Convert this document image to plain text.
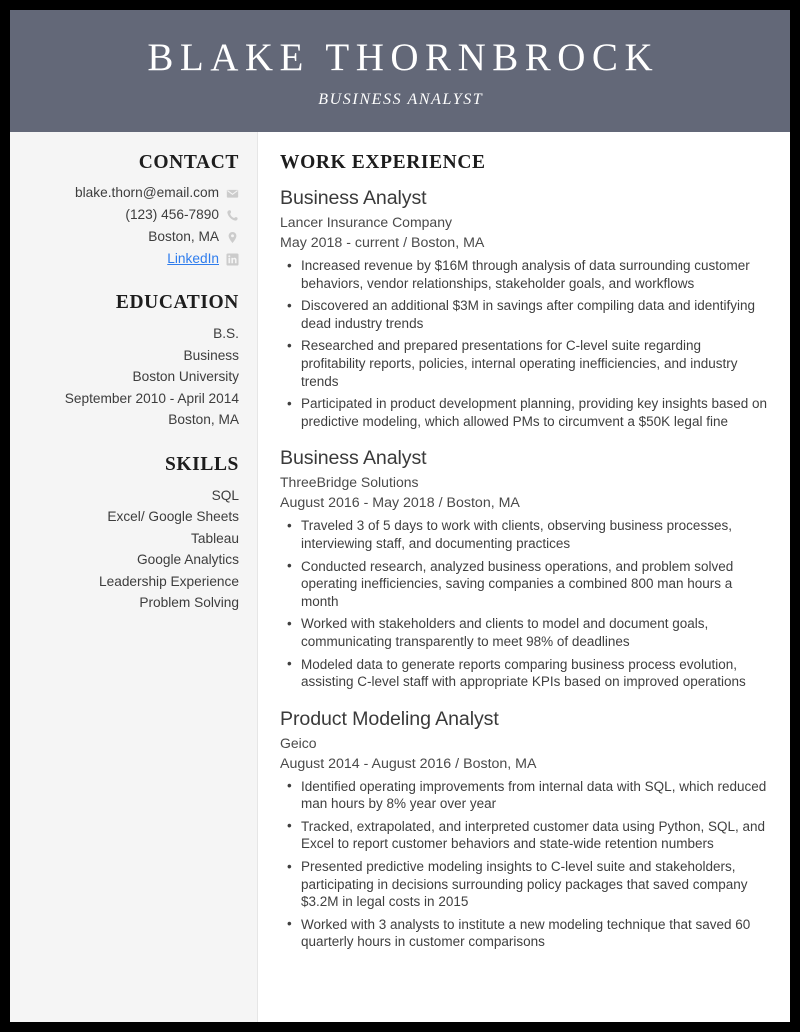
BLAKE THORNBROCK
BUSINESS ANALYST
CONTACT
blake.thorn@email.com
(123) 456-7890
Boston, MA
LinkedIn
EDUCATION
B.S.
Business
Boston University
September 2010 - April 2014
Boston, MA
SKILLS
SQL
Excel/ Google Sheets
Tableau
Google Analytics
Leadership Experience
Problem Solving
WORK EXPERIENCE
Business Analyst
Lancer Insurance Company
May 2018 - current / Boston, MA
• Increased revenue by $16M through analysis of data surrounding customer behaviors, vendor relationships, stakeholder goals, and workflows
• Discovered an additional $3M in savings after compiling data and identifying dead industry trends
• Researched and prepared presentations for C-level suite regarding profitability reports, policies, internal operating inefficiencies, and industry trends
• Participated in product development planning, providing key insights based on predictive modeling, which allowed PMs to circumvent a $50K legal fine
Business Analyst
ThreeBridge Solutions
August 2016 - May 2018 / Boston, MA
• Traveled 3 of 5 days to work with clients, observing business processes, interviewing staff, and documenting practices
• Conducted research, analyzed business operations, and problem solved operating inefficiencies, saving companies a combined 800 man hours a month
• Worked with stakeholders and clients to model and document goals, communicating transparently to meet 98% of deadlines
• Modeled data to generate reports comparing business process evolution, assisting C-level staff with appropriate KPIs based on improved operations
Product Modeling Analyst
Geico
August 2014 - August 2016 / Boston, MA
• Identified operating improvements from internal data with SQL, which reduced man hours by 8% year over year
• Tracked, extrapolated, and interpreted customer data using Python, SQL, and Excel to report customer behaviors and state-wide retention numbers
• Presented predictive modeling insights to C-level suite and stakeholders, participating in decisions surrounding policy packages that saved company $3.2M in legal costs in 2015
• Worked with 3 analysts to institute a new modeling technique that saved 60 quarterly hours in customer comparisons
